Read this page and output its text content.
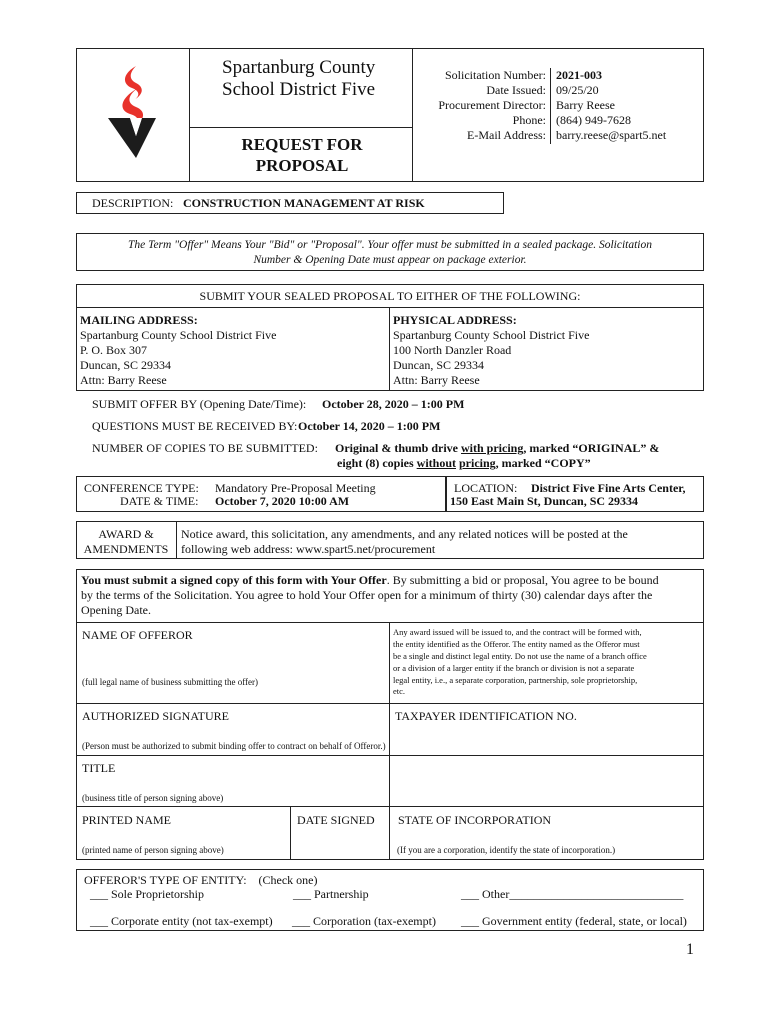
Spartanburg County
School District Five
REQUEST FOR
PROPOSAL
Solicitation Number:
Date Issued:
Procurement Director:
Phone:
E-Mail Address:
2021-003
09/25/20
Barry Reese
(864) 949-7628
barry.reese@spart5.net
DESCRIPTION: CONSTRUCTION MANAGEMENT AT RISK
The Term "Offer" Means Your "Bid" or "Proposal". Your offer must be submitted in a sealed package. Solicitation
Number & Opening Date must appear on package exterior.
SUBMIT YOUR SEALED PROPOSAL TO EITHER OF THE FOLLOWING:
MAILING ADDRESS:
Spartanburg County School District Five
P. O. Box 307
Duncan, SC 29334
Attn: Barry Reese
PHYSICAL ADDRESS:
Spartanburg County School District Five
100 North Danzler Road
Duncan, SC 29334
Attn: Barry Reese
SUBMIT OFFER BY (Opening Date/Time): October 28, 2020 – 1:00 PM
QUESTIONS MUST BE RECEIVED BY: October 14, 2020 – 1:00 PM
NUMBER OF COPIES TO BE SUBMITTED: Original & thumb drive with pricing, marked “ORIGINAL” &
eight (8) copies without pricing, marked “COPY”
CONFERENCE TYPE: Mandatory Pre-Proposal Meeting
DATE & TIME: October 7, 2020 10:00 AM
LOCATION: District Five Fine Arts Center,
150 East Main St, Duncan, SC 29334
AWARD &
AMENDMENTS
Notice award, this solicitation, any amendments, and any related notices will be posted at the
following web address: www.spart5.net/procurement
You must submit a signed copy of this form with Your Offer. By submitting a bid or proposal, You agree to be bound
by the terms of the Solicitation. You agree to hold Your Offer open for a minimum of thirty (30) calendar days after the
Opening Date.
NAME OF OFFEROR
(full legal name of business submitting the offer)
Any award issued will be issued to, and the contract will be formed with,
the entity identified as the Offeror. The entity named as the Offeror must
be a single and distinct legal entity. Do not use the name of a branch office
or a division of a larger entity if the branch or division is not a separate
legal entity, i.e., a separate corporation, partnership, sole proprietorship,
etc.
AUTHORIZED SIGNATURE
(Person must be authorized to submit binding offer to contract on behalf of Offeror.)
TAXPAYER IDENTIFICATION NO.
TITLE
(business title of person signing above)
PRINTED NAME
(printed name of person signing above)
DATE SIGNED STATE OF INCORPORATION
(If you are a corporation, identify the state of incorporation.)
OFFEROR'S TYPE OF ENTITY:    (Check one)
___ Sole Proprietorship	___ Partnership	___ Other_____________________________
___ Corporate entity (not tax-exempt) ___ Corporation (tax-exempt) ___ Government entity (federal, state, or local)
1
